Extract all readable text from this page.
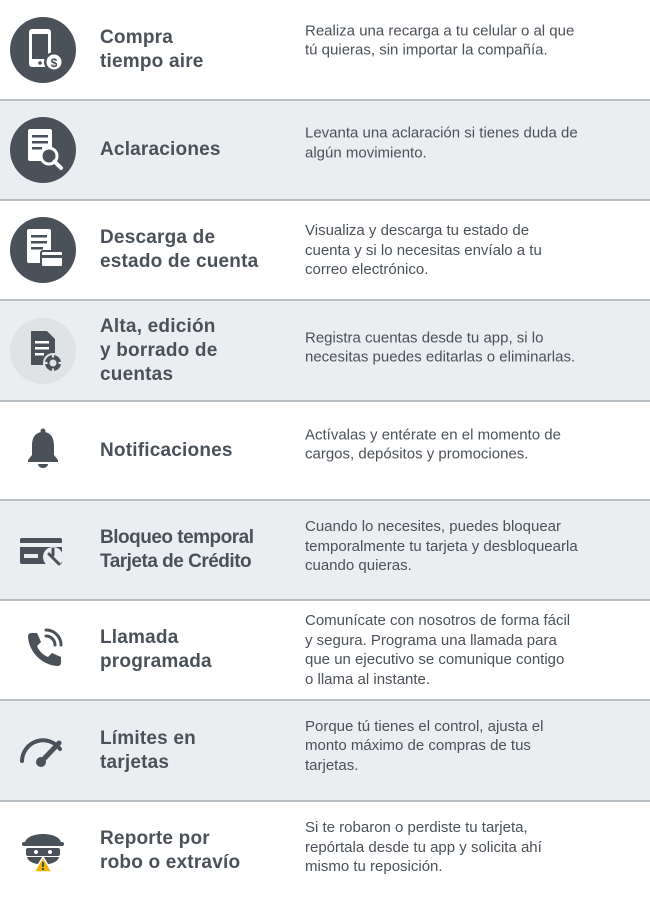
$

Compra
tiempo aire

Realiza una recarga a tu celular o al que
tú quieras, sin importar la compañía.

Aclaraciones

Levanta una aclaración si tienes duda de
algún movimiento.

Descarga de
estado de cuenta

Visualiza y descarga tu estado de
cuenta y si lo necesitas envíalo a tu
correo electrónico.

Alta, edición
y borrado de
cuentas

Registra cuentas desde tu app, si lo
necesitas puedes editarlas o eliminarlas.

Notificaciones

Actívalas y entérate en el momento de
cargos, depósitos y promociones.

Bloqueo temporal
Tarjeta de Crédito

Cuando lo necesites, puedes bloquear
temporalmente tu tarjeta y desbloquearla
cuando quieras.

Llamada
programada

Comunícate con nosotros de forma fácil
y segura. Programa una llamada para
que un ejecutivo se comunique contigo
o llama al instante.

Límites en
tarjetas

Porque tú tienes el control, ajusta el
monto máximo de compras de tus
tarjetas.

Reporte por
robo o extravío

Si te robaron o perdiste tu tarjeta,
repórtala desde tu app y solicita ahí
mismo tu reposición.
